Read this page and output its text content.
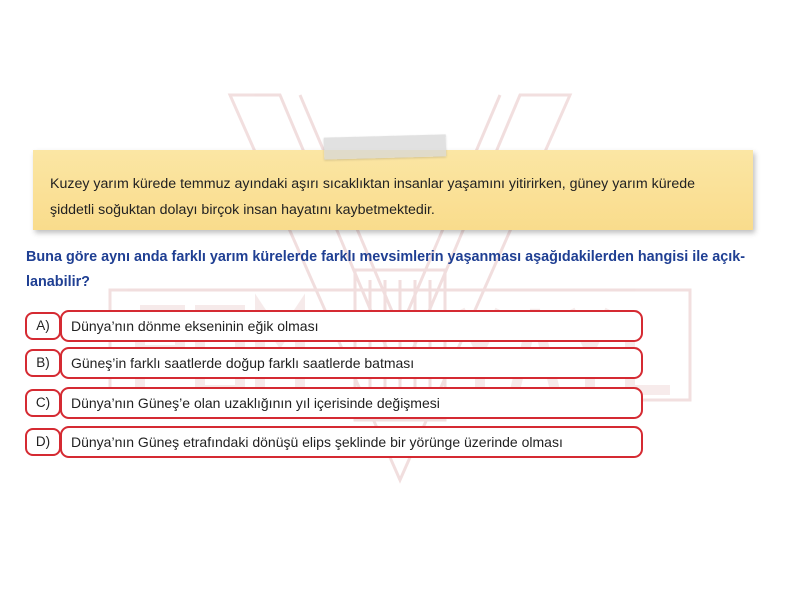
Kuzey yarım kürede temmuz ayındaki aşırı sıcaklıktan insanlar yaşamını yitirirken, güney yarım kürede
şiddetli soğuktan dolayı birçok insan hayatını kaybetmektedir.
Buna göre aynı anda farklı yarım kürelerde farklı mevsimlerin yaşanması aşağıdakilerden hangisi ile açık-
lanabilir?
A)	Dünya’nın dönme ekseninin eğik olması
B)	Güneş’in farklı saatlerde doğup farklı saatlerde batması
C)	Dünya’nın Güneş’e olan uzaklığının yıl içerisinde değişmesi
D)	Dünya’nın Güneş etrafındaki dönüşü elips şeklinde bir yörünge üzerinde olması
